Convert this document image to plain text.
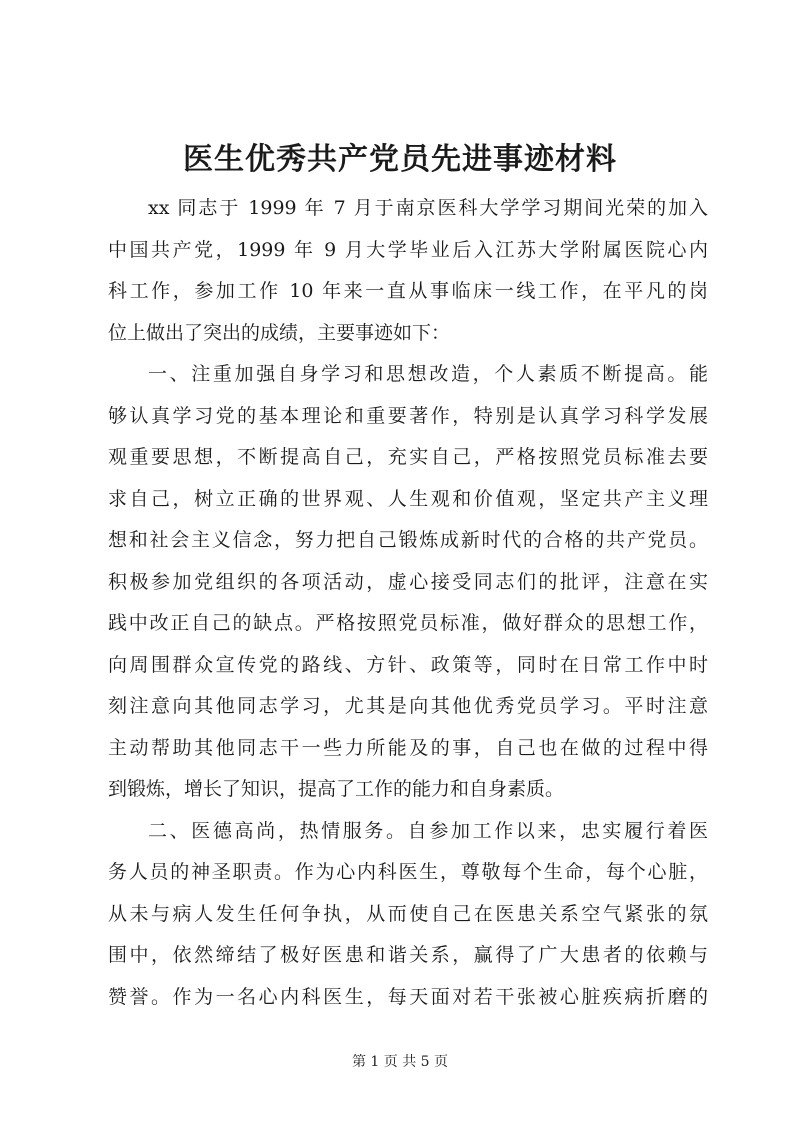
医生优秀共产党员先进事迹材料
xx 同志于 1999 年 7 月于南京医科大学学习期间光荣的加入
中国共产党，1999 年 9 月大学毕业后入江苏大学附属医院心内
科工作，参加工作 10 年来一直从事临床一线工作，在平凡的岗
位上做出了突出的成绩，主要事迹如下：
一、注重加强自身学习和思想改造，个人素质不断提高。能
够认真学习党的基本理论和重要著作，特别是认真学习科学发展
观重要思想，不断提高自己，充实自己，严格按照党员标准去要
求自己，树立正确的世界观、人生观和价值观，坚定共产主义理
想和社会主义信念，努力把自己锻炼成新时代的合格的共产党员。
积极参加党组织的各项活动，虚心接受同志们的批评，注意在实
践中改正自己的缺点。严格按照党员标准，做好群众的思想工作，
向周围群众宣传党的路线、方针、政策等，同时在日常工作中时
刻注意向其他同志学习，尤其是向其他优秀党员学习。平时注意
主动帮助其他同志干一些力所能及的事，自己也在做的过程中得
到锻炼，增长了知识，提高了工作的能力和自身素质。
二、医德高尚，热情服务。自参加工作以来，忠实履行着医
务人员的神圣职责。作为心内科医生，尊敬每个生命，每个心脏，
从未与病人发生任何争执，从而使自己在医患关系空气紧张的氛
围中，依然缔结了极好医患和谐关系，赢得了广大患者的依赖与
赞誉。作为一名心内科医生，每天面对若干张被心脏疾病折磨的
第 1 页 共 5 页
